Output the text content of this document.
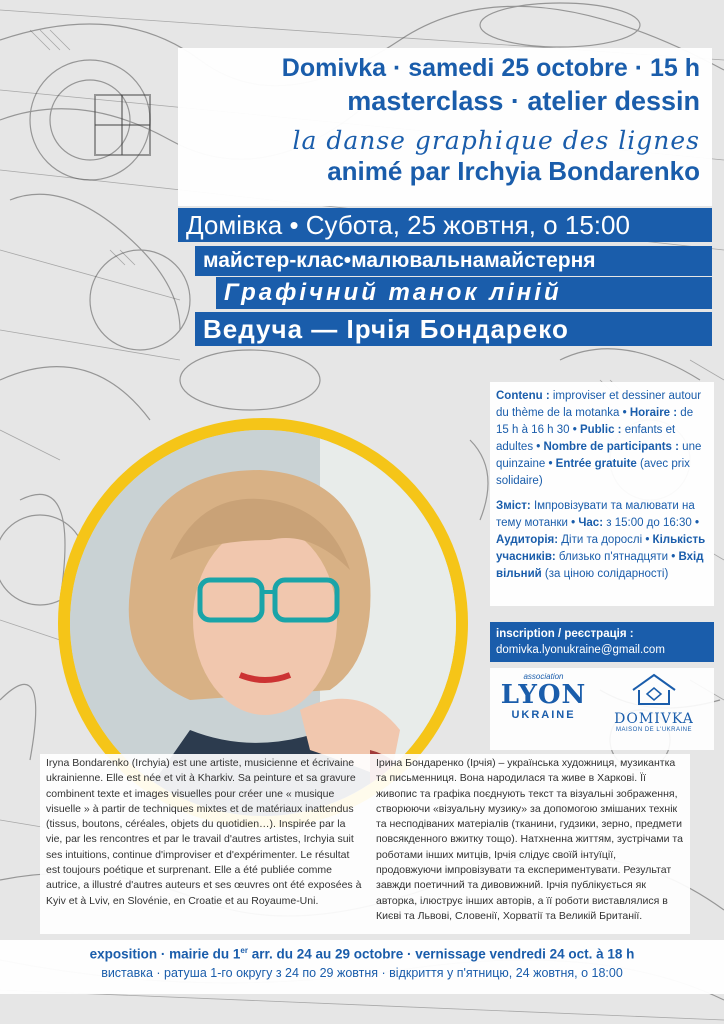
Domivka · samedi 25 octobre · 15 h
masterclass · atelier dessin
la danse graphique des lignes
animé par Irchyia Bondarenko
Домівка • Субота, 25 жовтня, о 15:00
майстер-клас•малювальнамайстерня
Графічний танок ліній
Ведуча — Ірчія Бондареко

Contenu : improviser et dessiner autour du thème de la motanka • Horaire : de 15 h à 16 h 30 • Public : enfants et adultes • Nombre de participants : une quinzaine • Entrée gratuite (avec prix solidaire)

Зміст: Імпровізувати та малювати на тему мотанки • Час: з 15:00 до 16:30 • Аудиторія: Діти та дорослі • Кількість учасників: близько п'ятнадцяти • Вхід вільний (за ціною солідарності)

inscription / реєстрація :
domivka.lyonukraine@gmail.com
association
LYON
UKRAINE	DOMIVKA
MAISON DE L'UKRAINE
Iryna Bondarenko (Irchyia) est une artiste, musicienne et écrivaine ukrainienne. Elle est née et vit à Kharkiv. Sa peinture et sa gravure combinent texte et images visuelles pour créer une « musique visuelle » à partir de techniques mixtes et de matériaux inattendus (tissus, boutons, céréales, objets du quotidien…). Inspirée par la vie, par les rencontres et par le travail d'autres artistes, Irchyia suit ses intuitions, continue d'improviser et d'expérimenter. Le résultat est toujours poétique et surprenant. Elle a été publiée comme autrice, a illustré d'autres auteurs et ses œuvres ont été exposées à Kyiv et à Lviv, en Slovénie, en Croatie et au Royaume-Uni.
Ірина Бондаренко (Ірчія) – українська художниця, музикантка та письменниця. Вона народилася та живе в Харкові. Її живопис та графіка поєднують текст та візуальні зображення, створюючи «візуальну музику» за допомогою змішаних технік та несподіваних матеріалів (тканини, гудзики, зерно, предмети повсякденного вжитку тощо). Натхненна життям, зустрічами та роботами інших митців, Ірчія слідує своїй інтуїції, продовжуючи імпровізувати та експериментувати. Результат завжди поетичний та дивовижний. Ірчія публікується як авторка, ілюструє інших авторів, а її роботи виставлялися в Києві та Львові, Словенії, Хорватії та Великій Британії.
exposition · mairie du 1er arr. du 24 au 29 octobre · vernissage vendredi 24 oct. à 18 h
виставка · ратуша 1-го округу з 24 по 29 жовтня · відкриття у п'ятницю, 24 жовтня, о 18:00
